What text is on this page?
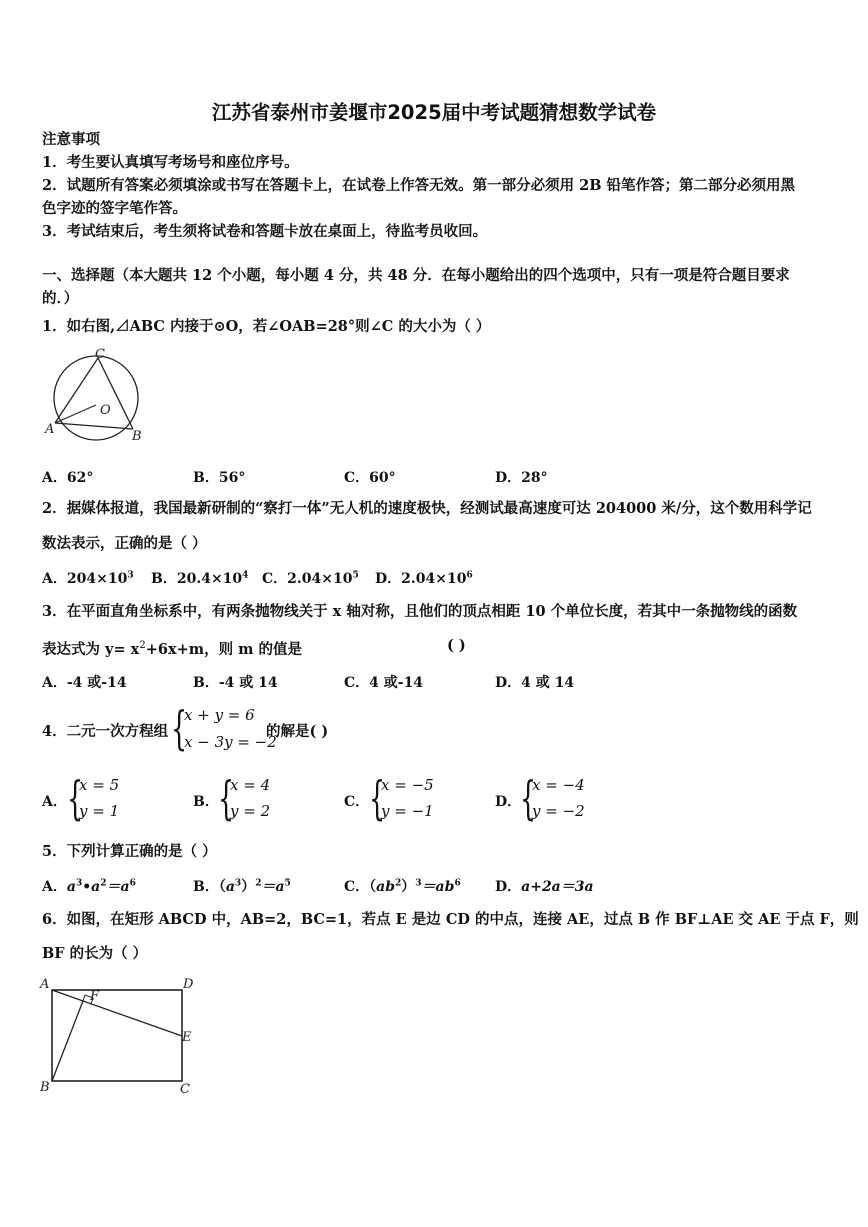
江苏省泰州市姜堰市2025届中考试题猜想数学试卷
注意事项
1．考生要认真填写考场号和座位序号。
2．试题所有答案必须填涂或书写在答题卡上，在试卷上作答无效。第一部分必须用 2B 铅笔作答；第二部分必须用黑
色字迹的签字笔作答。
3．考试结束后，考生须将试卷和答题卡放在桌面上，待监考员收回。
一、选择题（本大题共 12 个小题，每小题 4 分，共 48 分．在每小题给出的四个选项中，只有一项是符合题目要求
的．）
1．如右图,⊿ABC 内接于⊙O，若∠OAB=28°则∠C 的大小为（ ）
C
O
A	B
A．62°	B．56°	C．60°	D．28°
2．据媒体报道，我国最新研制的“察打一体”无人机的速度极快，经测试最高速度可达 204000 米/分，这个数用科学记
数法表示，正确的是（ ）
A．$204\times 10^3$ B．$20.4\times 10^4$ C．$2.04\times 10^5$ D．$2.04\times 10^6$
3．在平面直角坐标系中，有两条抛物线关于 x 轴对称，且他们的顶点相距 10 个单位长度，若其中一条抛物线的函数
表达式为 $y= x^2+6x+m$，则 m 的值是	( )
A．-4 或-14	B．-4 或 14	C．4 或-14	D．4 或 14
4．二元一次方程组 {
x + y = 6
x − 3y = −2
的解是( )
A． {
x = 5
y = 1	B． {
x = 4
y = 2	C． {
x = −5
y = −1	D．
{
x = −4
y = −2
5．下列计算正确的是（ ）
A．$a^3•a^2=a^6$	B．$(a^3)^2=a^5$	C．$(ab^2)^3=ab^6$ D．a+2a＝3a
6．如图，在矩形 ABCD 中，AB=2，BC=1，若点 E 是边 CD 的中点，连接 AE，过点 B 作 BF⊥AE 交 AE 于点 F，则
BF 的长为（ ）
A
F
D
E
B	C
